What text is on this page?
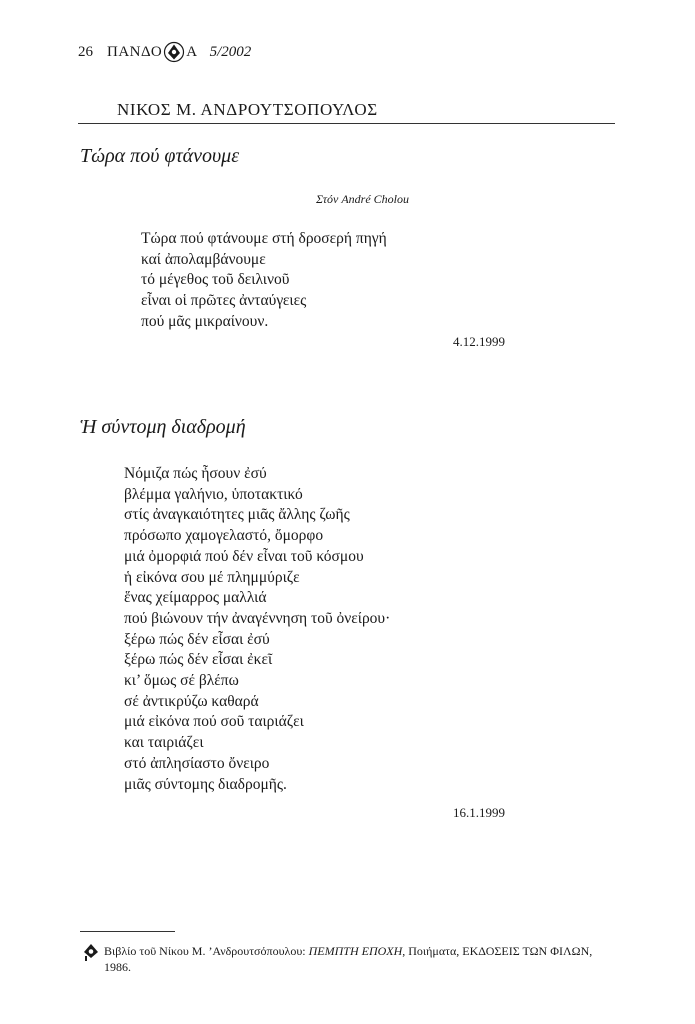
26 ΠΑΝΔΟ Α 5/2002
ΝΙΚΟΣ Μ. ΑΝΔΡΟΥΤΣΟΠΟΥΛΟΣ
Τώρα πού φτάνουμε
Στόν André Cholou
Τώρα πού φτάνουμε στή δροσερή πηγή
καί ἀπολαμβάνουμε
τό μέγεθος τοῦ δειλινοῦ
εἶναι οἱ πρῶτες ἀνταύγειες
πού μᾶς μικραίνουν.
4.12.1999
Ἡ σύντομη διαδρομή
Νόμιζα πώς ἦσουν ἐσύ
βλέμμα γαλήνιο, ὑποτακτικό
στίς ἀναγκαιότητες μιᾶς ἄλλης ζωῆς
πρόσωπο χαμογελαστό, ὄμορφο
μιά ὀμορφιά πού δέν εἶναι τοῦ κόσμου
ἡ εἰκόνα σου μέ πλημμύριζε
ἕνας χείμαρρος μαλλιά
πού βιώνουν τήν ἀναγέννηση τοῦ ὀνείρου·
ξέρω πώς δέν εἶσαι ἐσύ
ξέρω πώς δέν εἶσαι ἐκεῖ
κι’ ὅμως σέ βλέπω
σέ ἀντικρύζω καθαρά
μιά εἰκόνα πού σοῦ ταιριάζει
και ταιριάζει
στό ἀπλησίαστο ὄνειρο
μιᾶς σύντομης διαδρομῆς.
16.1.1999
Βιβλίο τοῦ Νίκου Μ. ’Ανδρουτσόπουλου: ΠΕΜΠΤΗ ΕΠΟΧΗ, Ποιήματα, ΕΚΔΟΣΕΙΣ ΤΩΝ ΦΙΛΩΝ,
1986.
